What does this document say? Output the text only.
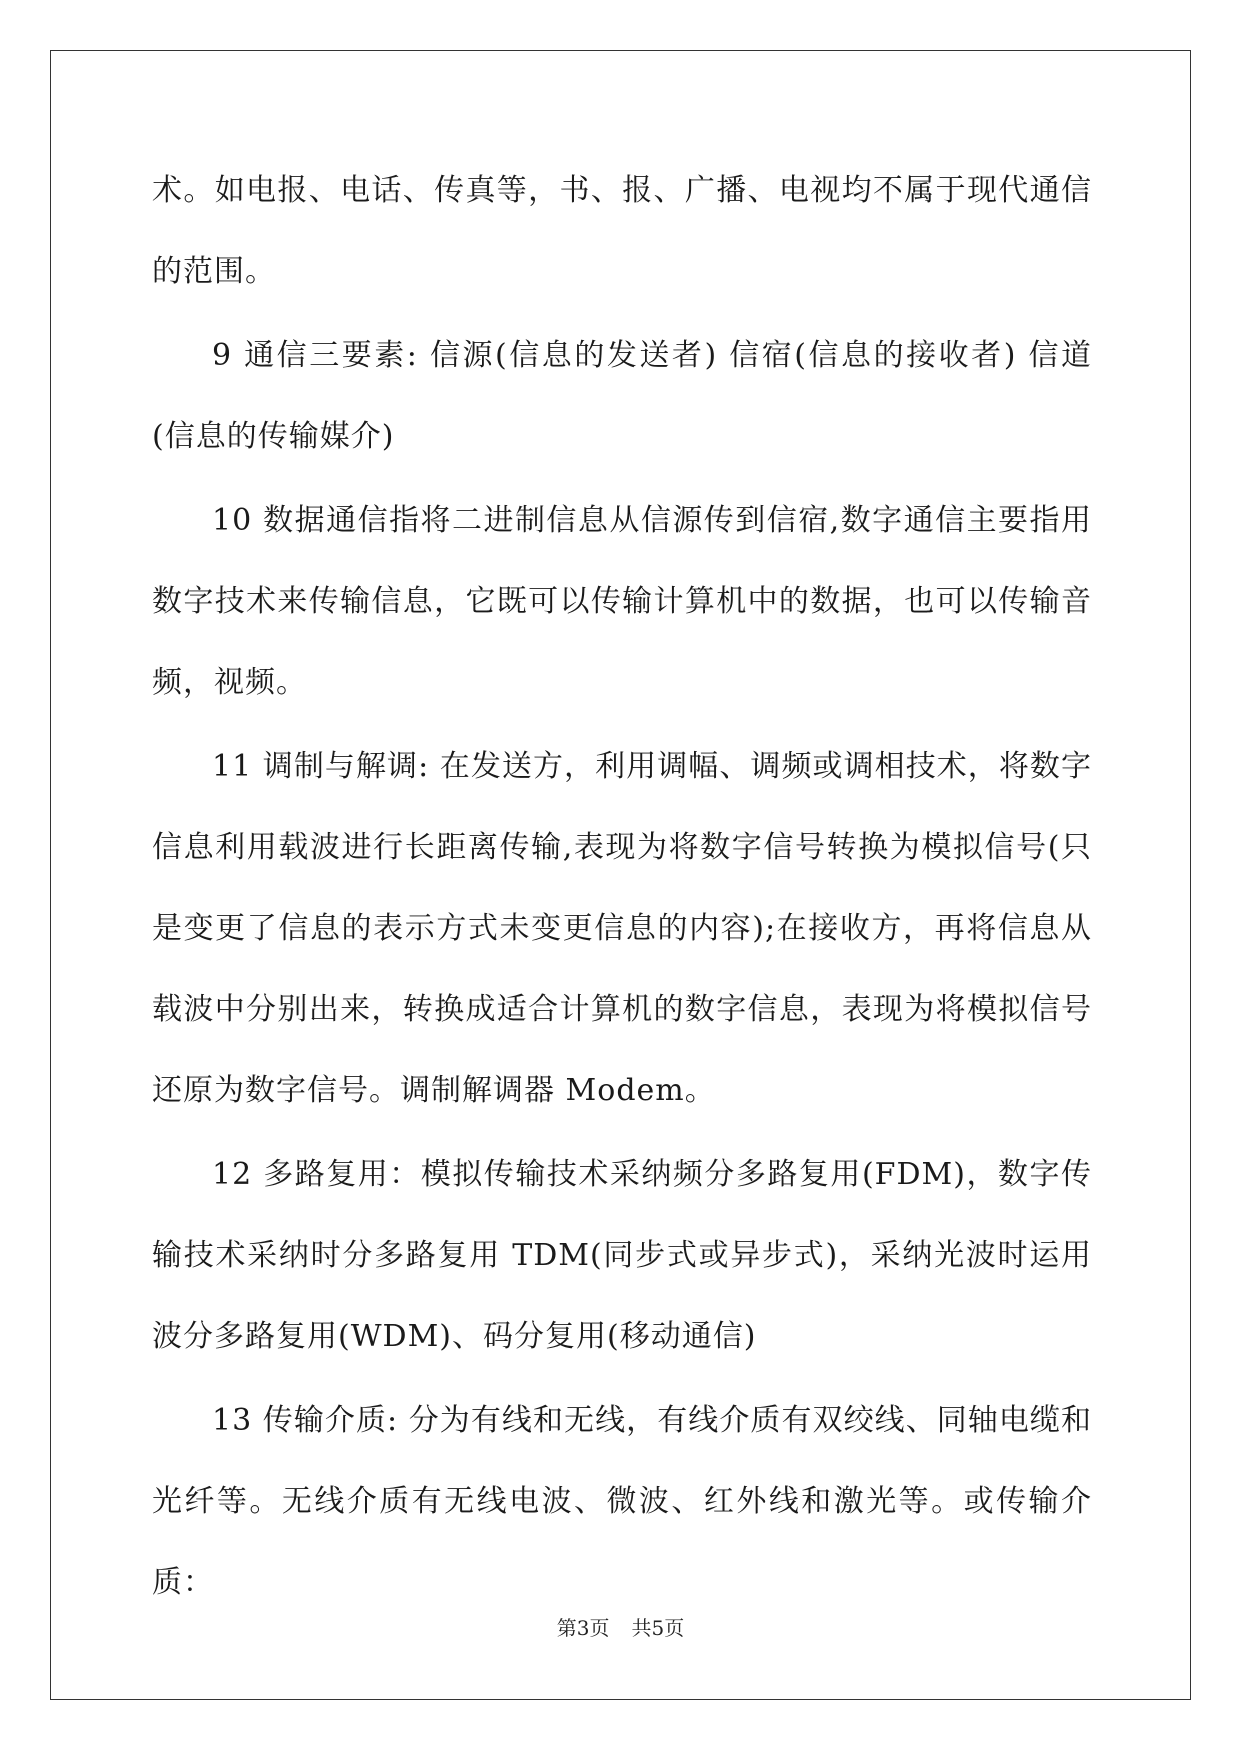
术。如电报、电话、传真等，书、报、广播、电视均不属于现代通信的范围。

9 通信三要素: 信源(信息的发送者) 信宿(信息的接收者) 信道(信息的传输媒介)

10 数据通信指将二进制信息从信源传到信宿,数字通信主要指用数字技术来传输信息，它既可以传输计算机中的数据，也可以传输音频，视频。

11 调制与解调: 在发送方，利用调幅、调频或调相技术，将数字信息利用载波进行长距离传输,表现为将数字信号转换为模拟信号(只是变更了信息的表示方式未变更信息的内容);在接收方，再将信息从载波中分别出来，转换成适合计算机的数字信息，表现为将模拟信号还原为数字信号。调制解调器 Modem。

12 多路复用：模拟传输技术采纳频分多路复用(FDM)，数字传输技术采纳时分多路复用 TDM(同步式或异步式)，采纳光波时运用波分多路复用(WDM)、码分复用(移动通信)

13 传输介质: 分为有线和无线，有线介质有双绞线、同轴电缆和光纤等。无线介质有无线电波、微波、红外线和激光等。或传输介质：

第3页 共5页
